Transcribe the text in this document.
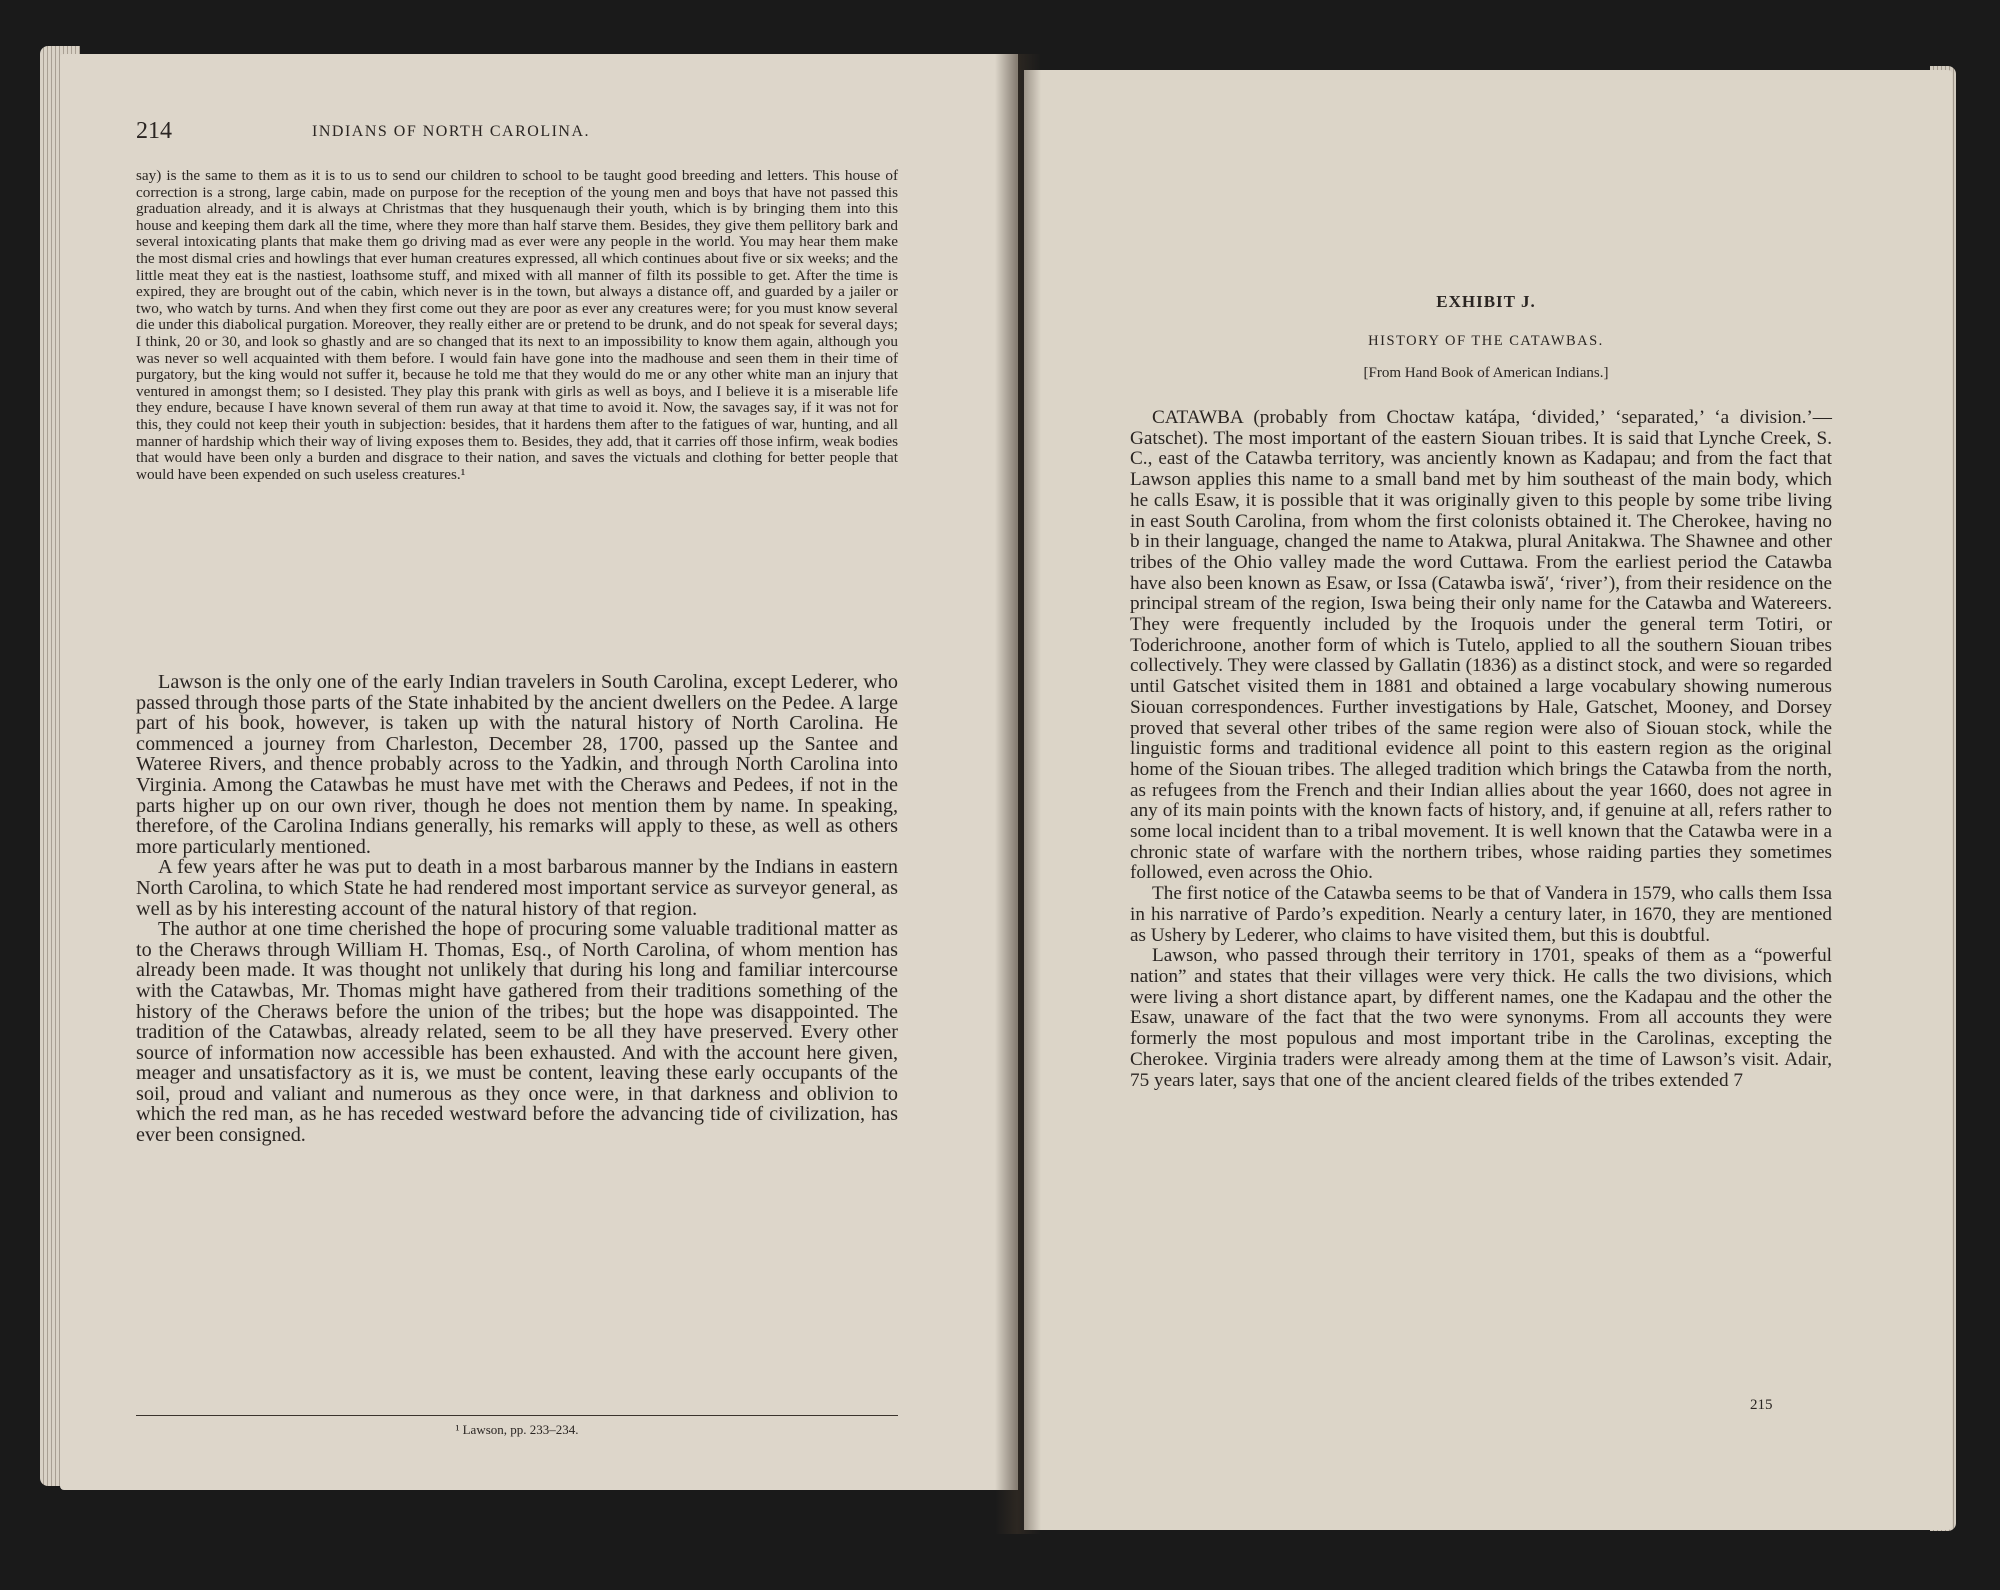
214	INDIANS OF NORTH CAROLINA.

say) is the same to them as it is to us to send our children to school to be taught good breeding and letters. This house of correction is a strong, large cabin, made on purpose for the reception of the young men and boys that have not passed this graduation already, and it is always at Christmas that they husquenaugh their youth, which is by bringing them into this house and keeping them dark all the time, where they more than half starve them. Besides, they give them pellitory bark and several intoxicating plants that make them go driving mad as ever were any people in the world. You may hear them make the most dismal cries and howlings that ever human creatures expressed, all which continues about five or six weeks; and the little meat they eat is the nastiest, loathsome stuff, and mixed with all manner of filth its possible to get. After the time is expired, they are brought out of the cabin, which never is in the town, but always a distance off, and guarded by a jailer or two, who watch by turns. And when they first come out they are poor as ever any creatures were; for you must know several die under this diabolical purgation. Moreover, they really either are or pretend to be drunk, and do not speak for several days; I think, 20 or 30, and look so ghastly and are so changed that its next to an impossibility to know them again, although you was never so well acquainted with them before. I would fain have gone into the madhouse and seen them in their time of purgatory, but the king would not suffer it, because he told me that they would do me or any other white man an injury that ventured in amongst them; so I desisted. They play this prank with girls as well as boys, and I believe it is a miserable life they endure, because I have known several of them run away at that time to avoid it. Now, the savages say, if it was not for this, they could not keep their youth in subjection: besides, that it hardens them after to the fatigues of war, hunting, and all manner of hardship which their way of living exposes them to. Besides, they add, that it carries off those infirm, weak bodies that would have been only a burden and disgrace to their nation, and saves the victuals and clothing for better people that would have been expended on such useless creatures.¹

Lawson is the only one of the early Indian travelers in South Carolina, except Lederer, who passed through those parts of the State inhabited by the ancient dwellers on the Pedee. A large part of his book, however, is taken up with the natural history of North Carolina. He commenced a journey from Charleston, December 28, 1700, passed up the Santee and Wateree Rivers, and thence probably across to the Yadkin, and through North Carolina into Virginia. Among the Catawbas he must have met with the Cheraws and Pedees, if not in the parts higher up on our own river, though he does not mention them by name. In speaking, therefore, of the Carolina Indians generally, his remarks will apply to these, as well as others more particularly mentioned.

A few years after he was put to death in a most barbarous manner by the Indians in eastern North Carolina, to which State he had rendered most important service as surveyor general, as well as by his interesting account of the natural history of that region.

The author at one time cherished the hope of procuring some valuable traditional matter as to the Cheraws through William H. Thomas, Esq., of North Carolina, of whom mention has already been made. It was thought not unlikely that during his long and familiar intercourse with the Catawbas, Mr. Thomas might have gathered from their traditions something of the history of the Cheraws before the union of the tribes; but the hope was disappointed. The tradition of the Catawbas, already related, seem to be all they have preserved. Every other source of information now accessible has been exhausted. And with the account here given, meager and unsatisfactory as it is, we must be content, leaving these early occupants of the soil, proud and valiant and numerous as they once were, in that darkness and oblivion to which the red man, as he has receded westward before the advancing tide of civilization, has ever been consigned.

¹ Lawson, pp. 233–234.
EXHIBIT J.
HISTORY OF THE CATAWBAS.
[From Hand Book of American Indians.]

CATAWBA (probably from Choctaw katápa, ‘divided,’ ‘separated,’ ‘a division.’—Gatschet). The most important of the eastern Siouan tribes. It is said that Lynche Creek, S. C., east of the Catawba territory, was anciently known as Kadapau; and from the fact that Lawson applies this name to a small band met by him southeast of the main body, which he calls Esaw, it is possible that it was originally given to this people by some tribe living in east South Carolina, from whom the first colonists obtained it. The Cherokee, having no b in their language, changed the name to Atakwa, plural Anitakwa. The Shawnee and other tribes of the Ohio valley made the word Cuttawa. From the earliest period the Catawba have also been known as Esaw, or Issa (Catawba iswă′, ‘river’), from their residence on the principal stream of the region, Iswa being their only name for the Catawba and Watereers. They were frequently included by the Iroquois under the general term Totiri, or Toderichroone, another form of which is Tutelo, applied to all the southern Siouan tribes collectively. They were classed by Gallatin (1836) as a distinct stock, and were so regarded until Gatschet visited them in 1881 and obtained a large vocabulary showing numerous Siouan correspondences. Further investigations by Hale, Gatschet, Mooney, and Dorsey proved that several other tribes of the same region were also of Siouan stock, while the linguistic forms and traditional evidence all point to this eastern region as the original home of the Siouan tribes. The alleged tradition which brings the Catawba from the north, as refugees from the French and their Indian allies about the year 1660, does not agree in any of its main points with the known facts of history, and, if genuine at all, refers rather to some local incident than to a tribal movement. It is well known that the Catawba were in a chronic state of warfare with the northern tribes, whose raiding parties they sometimes followed, even across the Ohio.

The first notice of the Catawba seems to be that of Vandera in 1579, who calls them Issa in his narrative of Pardo’s expedition. Nearly a century later, in 1670, they are mentioned as Ushery by Lederer, who claims to have visited them, but this is doubtful.

Lawson, who passed through their territory in 1701, speaks of them as a “powerful nation” and states that their villages were very thick. He calls the two divisions, which were living a short distance apart, by different names, one the Kadapau and the other the Esaw, unaware of the fact that the two were synonyms. From all accounts they were formerly the most populous and most important tribe in the Carolinas, excepting the Cherokee. Virginia traders were already among them at the time of Lawson’s visit. Adair, 75 years later, says that one of the ancient cleared fields of the tribes extended 7

215
